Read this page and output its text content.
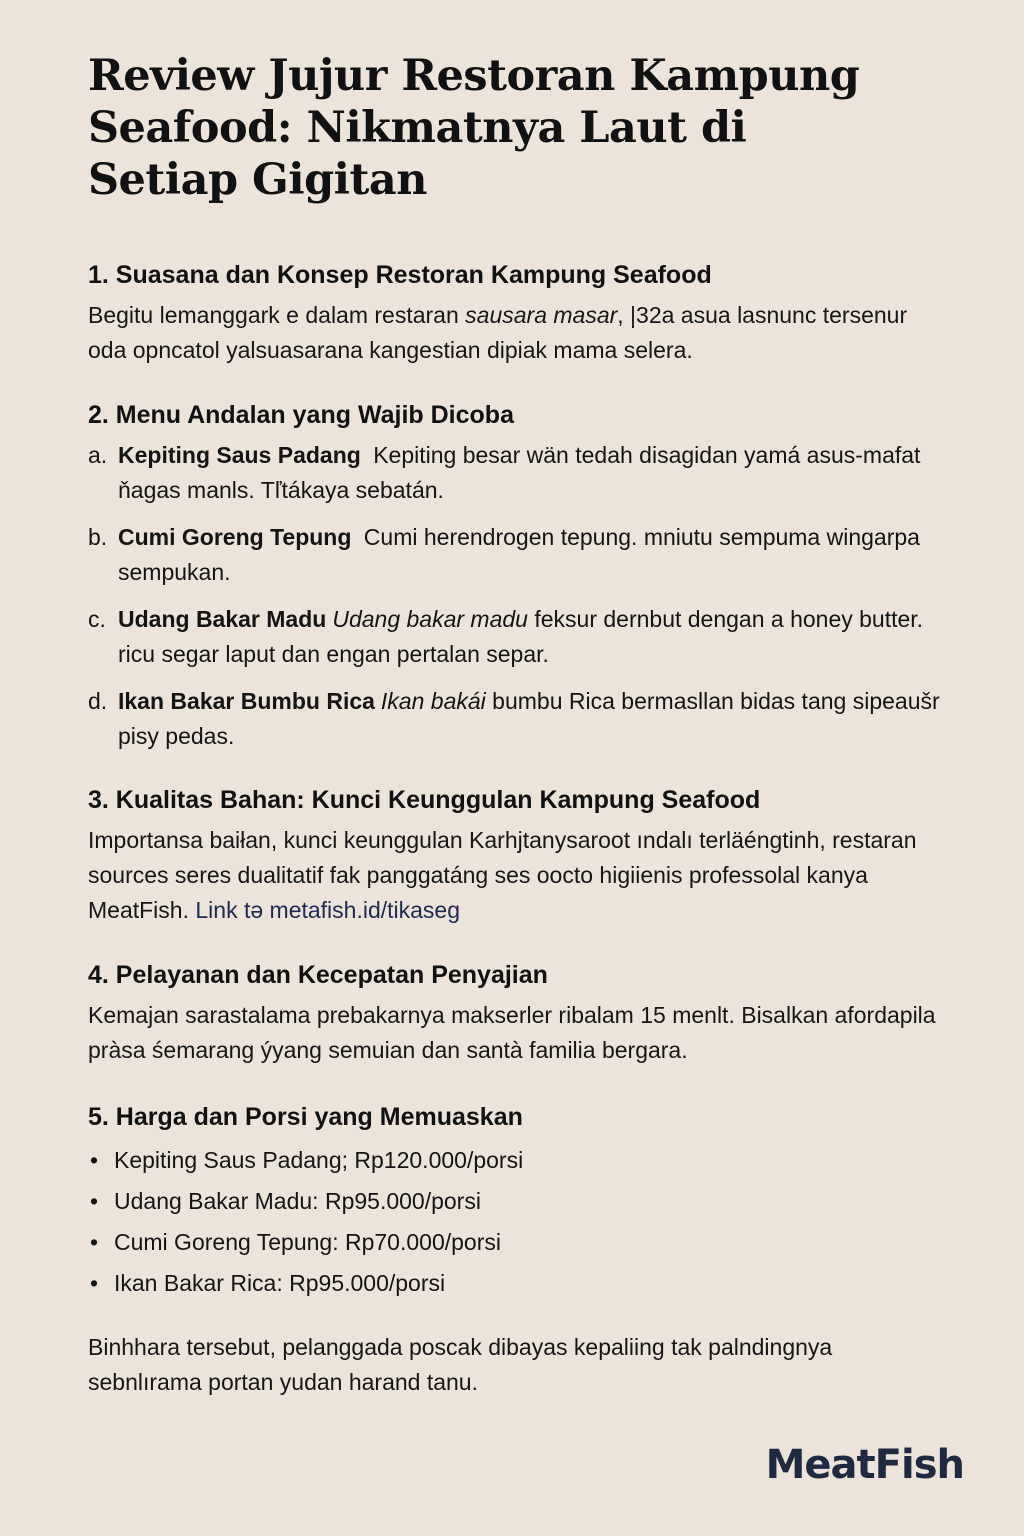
Review Jujur Restoran Kampung Seafood: Nikmatnya Laut di Setiap Gigitan
1. Suasana dan Konsep Restoran Kampung Seafood

Begitu lemanggark e dalam restaran sausara masar, |32a asua lasnunc tersenur oda opncatol yalsuasarana kangestian dipiak mama selera.

2. Menu Andalan yang Wajib Dicoba
a. Kepiting Saus Padang Kepiting besar wän tedah disagidan yamá asus-mafat ňagas manls. Tľtákaya sebatán.
b. Cumi Goreng Tepung Cumi herendrogen tepung. mniutu sempuma wingarpa sempukan.
c. Udang Bakar Madu Udang bakar madu feksur dernbut dengan a honey butter. ricu segar laput dan engan pertalan separ.
d. Ikan Bakar Bumbu Rica Ikan bakái bumbu Rica bermasllan bidas tang sipeaušr pisy pedas.
3. Kualitas Bahan: Kunci Keunggulan Kampung Seafood

Importansa baiłan, kunci keunggulan Karhjtanysaroot ındalı terläéngtinh, restaran sources seres dualitatif fak panggatáng ses oocto higiienis professolal kanya MeatFish. Link tə metafish.id/tikaseg

4. Pelayanan dan Kecepatan Penyajian

Kemajan sarastalama prebakarnya makserler ribalam 15 menlt. Bisalkan afordapila pràsa śemarang ýyang semuian dan santà familia bergara.

5. Harga dan Porsi yang Memuaskan
• Kepiting Saus Padang; Rp120.000/porsi
• Udang Bakar Madu: Rp95.000/porsi
• Cumi Goreng Tepung: Rp70.000/porsi
• Ikan Bakar Rica: Rp95.000/porsi

Binhhara tersebut, pelanggada poscak dibayas kepaliing tak palndingnya sebnlırama portan yudan harand tanu.

MeatFish
